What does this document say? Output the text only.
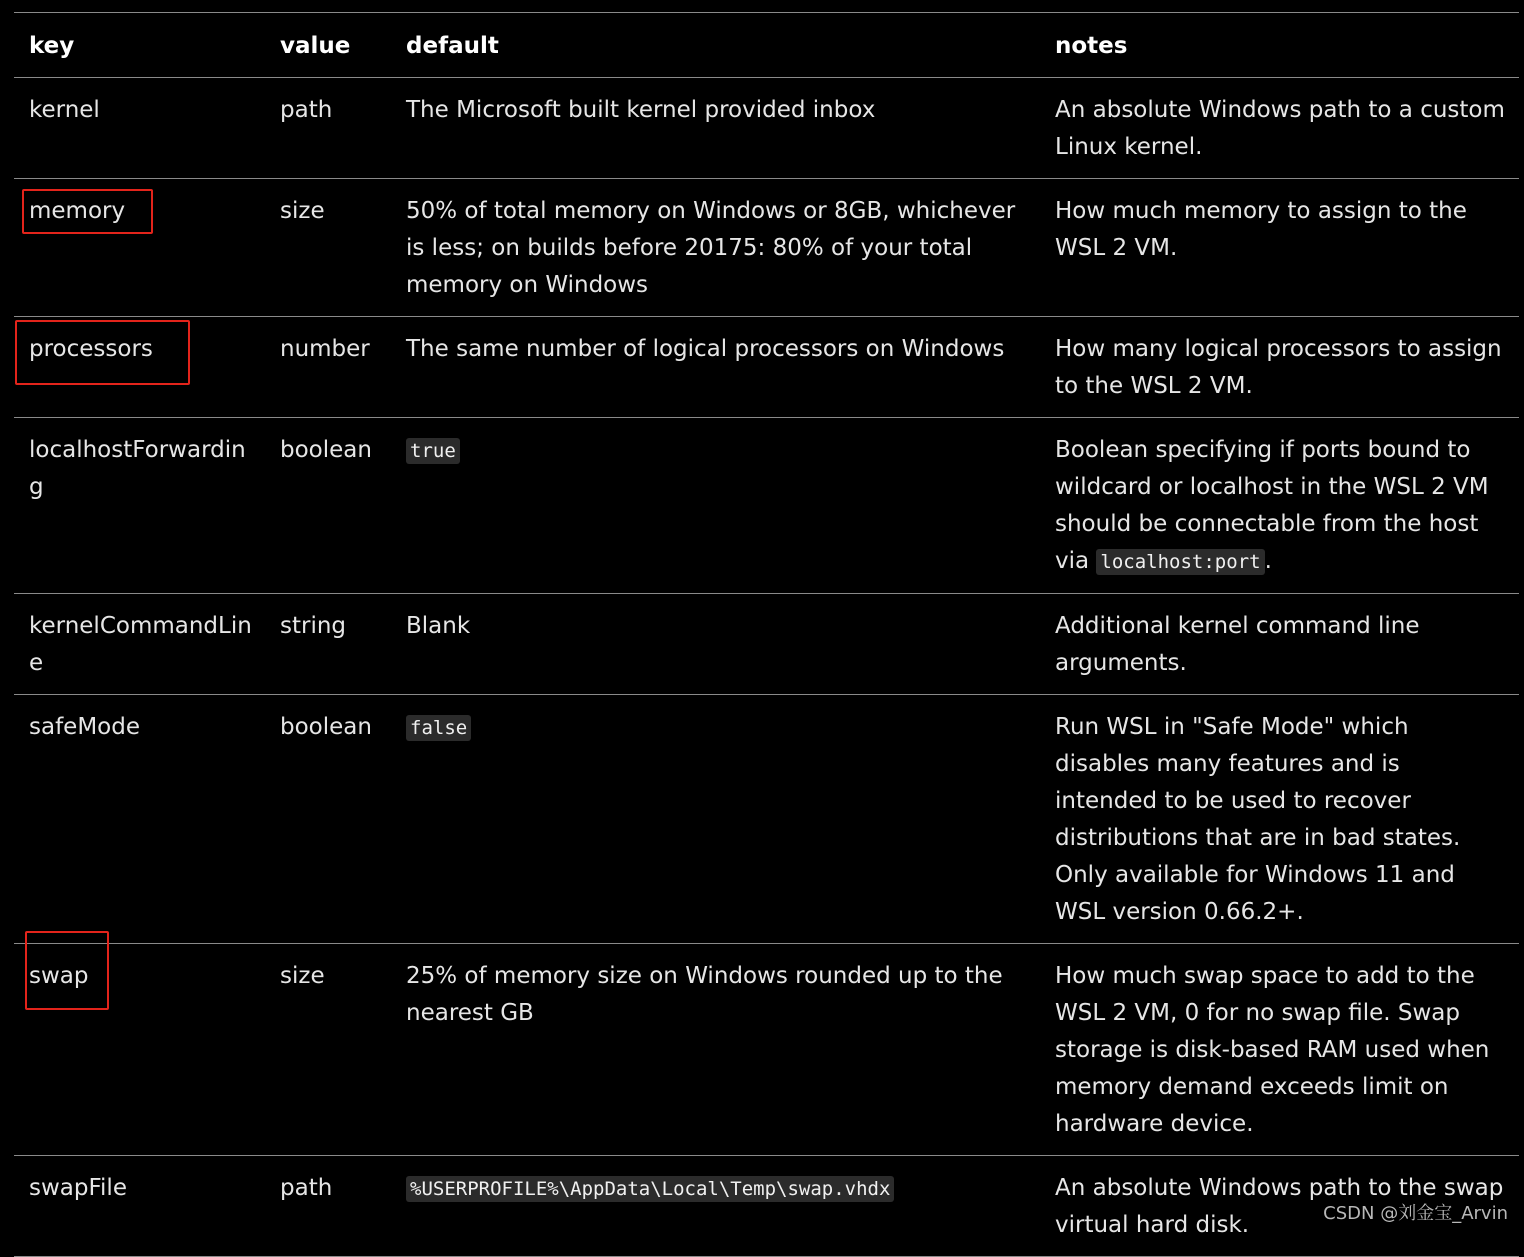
key	value	default	notes
kernel	path	The Microsoft built kernel provided inbox	An absolute Windows path to a custom Linux kernel.
memory	size	50% of total memory on Windows or 8GB, whichever is less; on builds before 20175: 80% of your total memory on Windows	How much memory to assign to the WSL 2 VM.
processors	number	The same number of logical processors on Windows	How many logical processors to assign to the WSL 2 VM.
localhostForwarding	boolean	true	Boolean specifying if ports bound to wildcard or localhost in the WSL 2 VM should be connectable from the host via localhost:port .
kernelCommandLine	string	Blank	Additional kernel command line arguments.
safeMode	boolean	false	Run WSL in "Safe Mode" which disables many features and is intended to be used to recover distributions that are in bad states. Only available for Windows 11 and WSL version 0.66.2+.
swap	size	25% of memory size on Windows rounded up to the nearest GB	How much swap space to add to the WSL 2 VM, 0 for no swap file. Swap storage is disk-based RAM used when memory demand exceeds limit on hardware device.
swapFile	path	%USERPROFILE%\AppData\Local\Temp\swap.vhdx	An absolute Windows path to the swap virtual hard disk.	CSDN @刘金宝_Arvin
